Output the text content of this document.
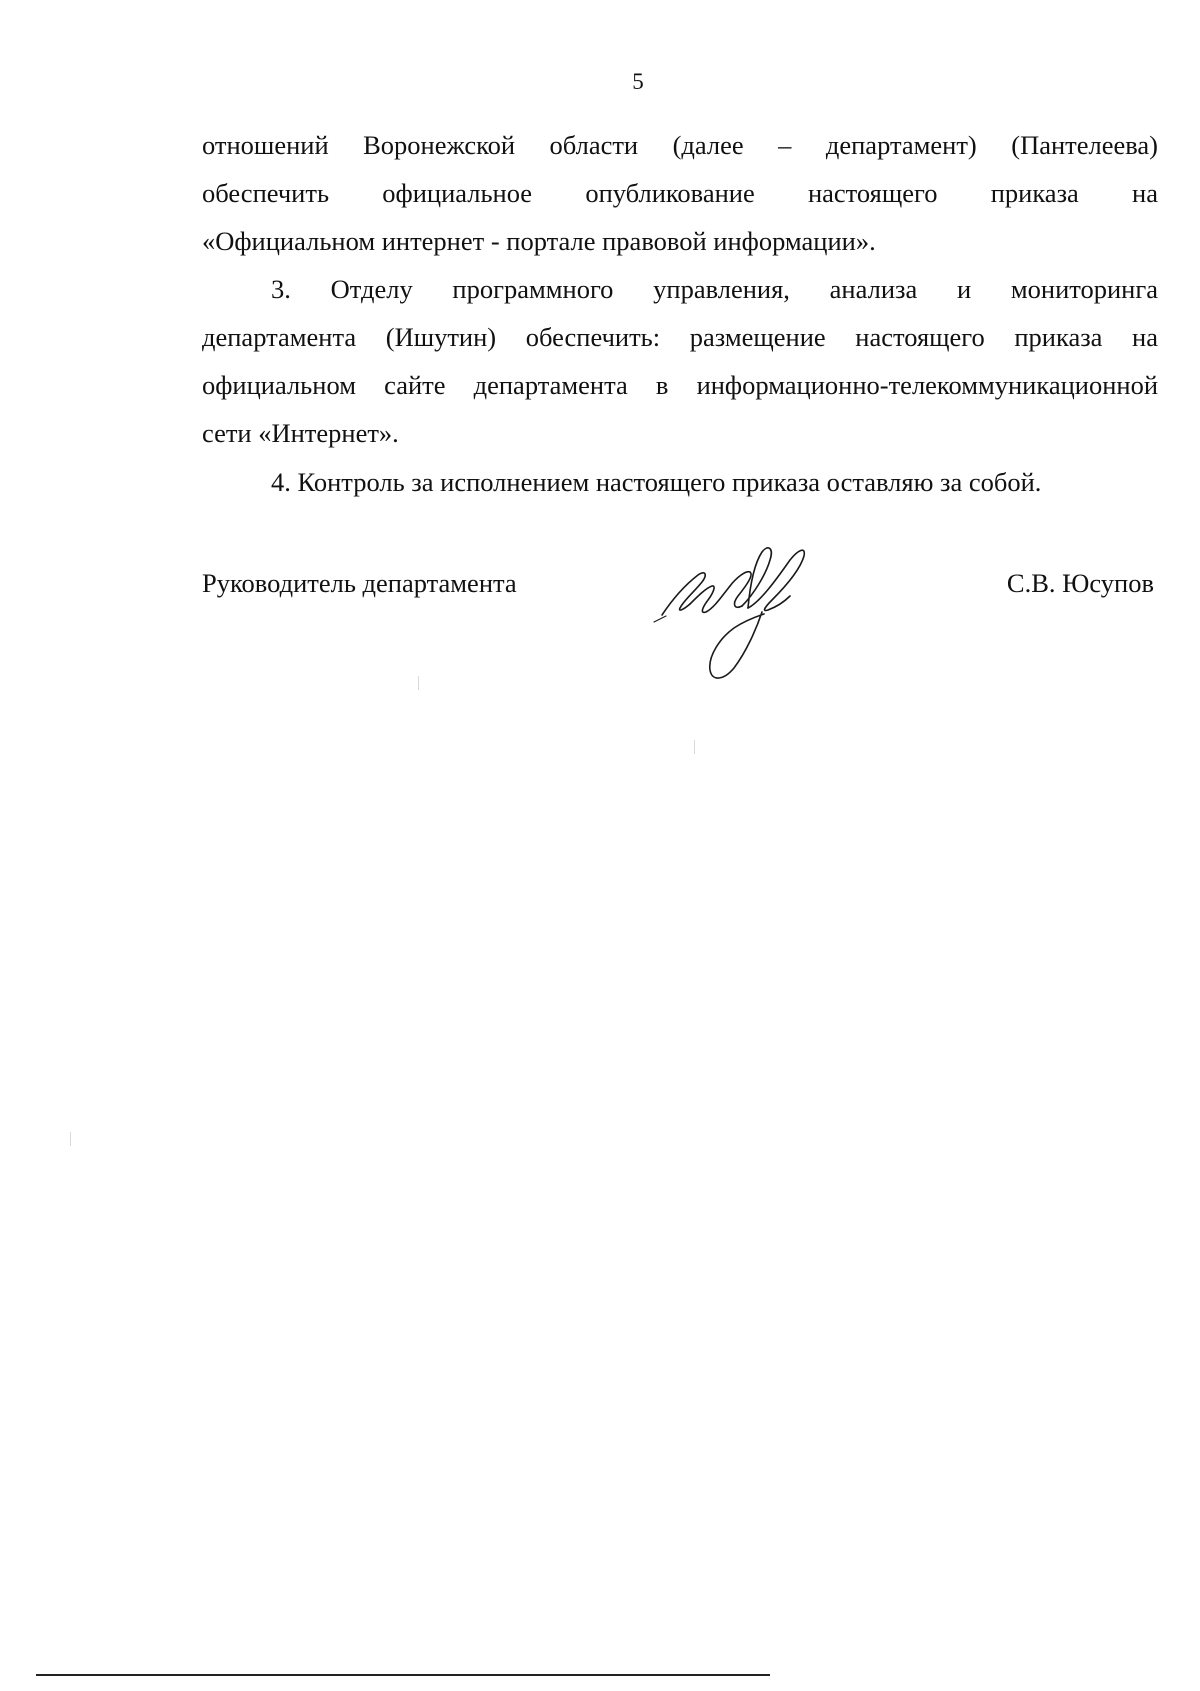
5
отношений Воронежской области (далее – департамент) (Пантелеева)
обеспечить официальное опубликование настоящего приказа на
«Официальном интернет - портале правовой информации».
3. Отделу программного управления, анализа и мониторинга
департамента (Ишутин) обеспечить: размещение настоящего приказа на
официальном сайте департамента в информационно-телекоммуникационной
сети «Интернет».
4. Контроль за исполнением настоящего приказа оставляю за собой.
Руководитель департамента	С.В. Юсупов
